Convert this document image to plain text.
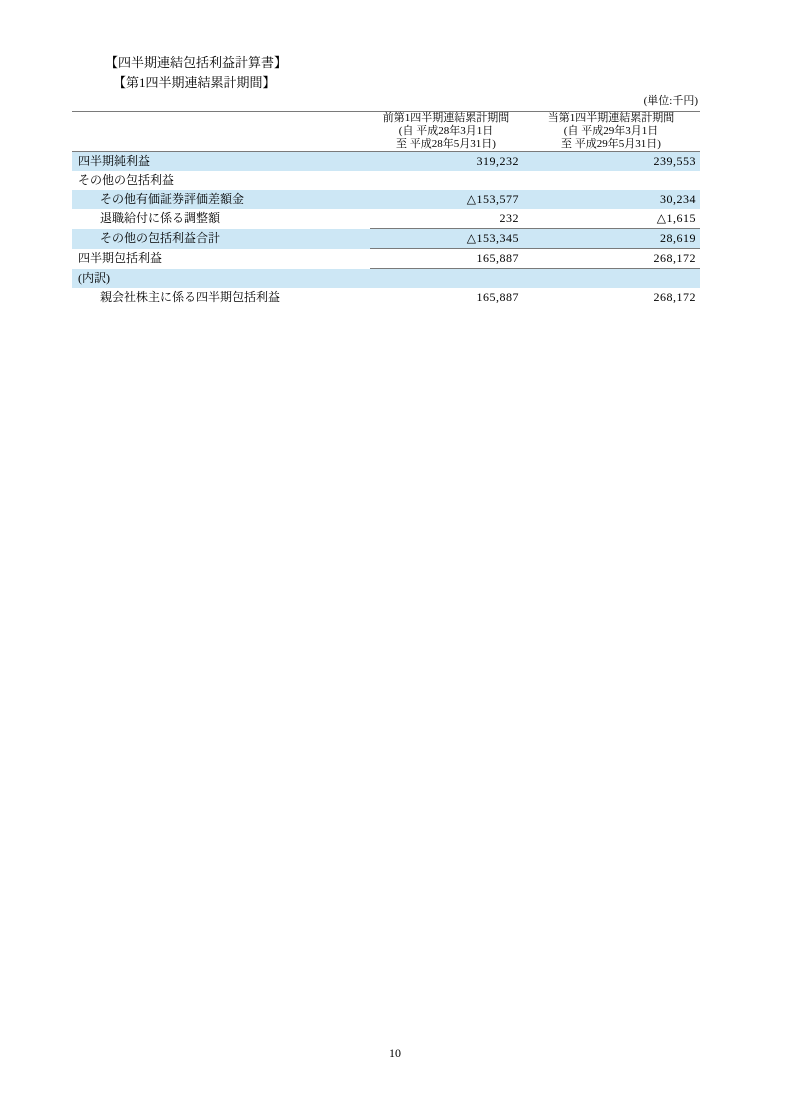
【四半期連結包括利益計算書】
【第1四半期連結累計期間】
(単位:千円)

前第1四半期連結累計期間
(自 平成28年3月1日
至 平成28年5月31日)

当第1四半期連結累計期間
(自 平成29年3月1日
至 平成29年5月31日)

四半期純利益	319,232	239,553
その他の包括利益		
その他有価証券評価差額金	△153,577	30,234
退職給付に係る調整額	232	△1,615
その他の包括利益合計	△153,345	28,619
四半期包括利益	165,887	268,172
(内訳)		
親会社株主に係る四半期包括利益	165,887	268,172
10
